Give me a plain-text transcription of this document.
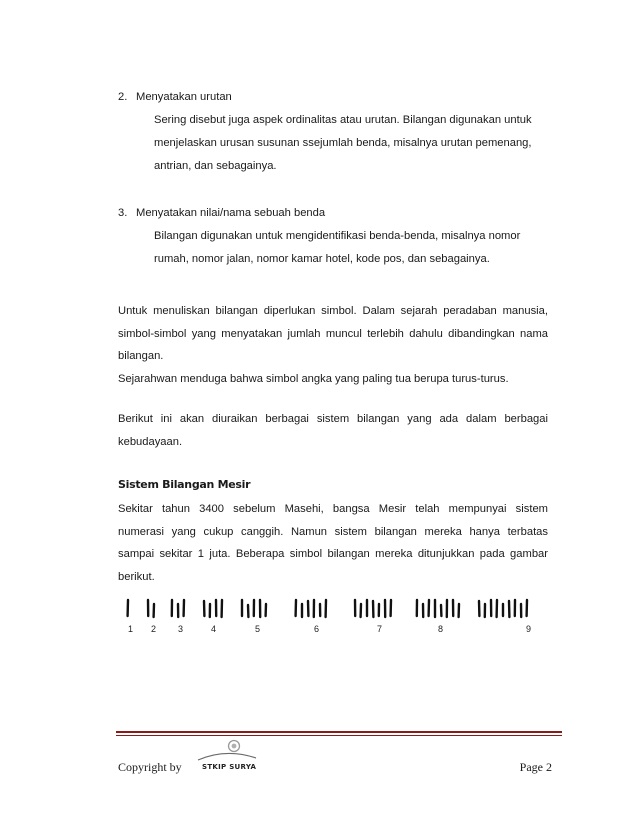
2. Menyatakan urutan
Sering disebut juga aspek ordinalitas atau urutan. Bilangan digunakan untuk
menjelaskan urusan susunan ssejumlah benda, misalnya urutan pemenang,
antrian, dan sebagainya.
3. Menyatakan nilai/nama sebuah benda
Bilangan digunakan untuk mengidentifikasi benda-benda, misalnya nomor
rumah, nomor jalan, nomor kamar hotel, kode pos, dan sebagainya.
Untuk menuliskan bilangan diperlukan simbol. Dalam sejarah peradaban manusia,
simbol-simbol yang menyatakan jumlah muncul terlebih dahulu dibandingkan nama
bilangan.
Sejarahwan menduga bahwa simbol angka yang paling tua berupa turus-turus.
Berikut ini akan diuraikan berbagai sistem bilangan yang ada dalam berbagai
kebudayaan.
Sistem Bilangan Mesir
Sekitar tahun 3400 sebelum Masehi, bangsa Mesir telah mempunyai sistem
numerasi yang cukup canggih. Namun sistem bilangan mereka hanya terbatas
sampai sekitar 1 juta. Beberapa simbol bilangan mereka ditunjukkan pada gambar
berikut.
1 2 3	4	5	6	7	8	9
Copyright by	STKIP SURYA	Page 2
